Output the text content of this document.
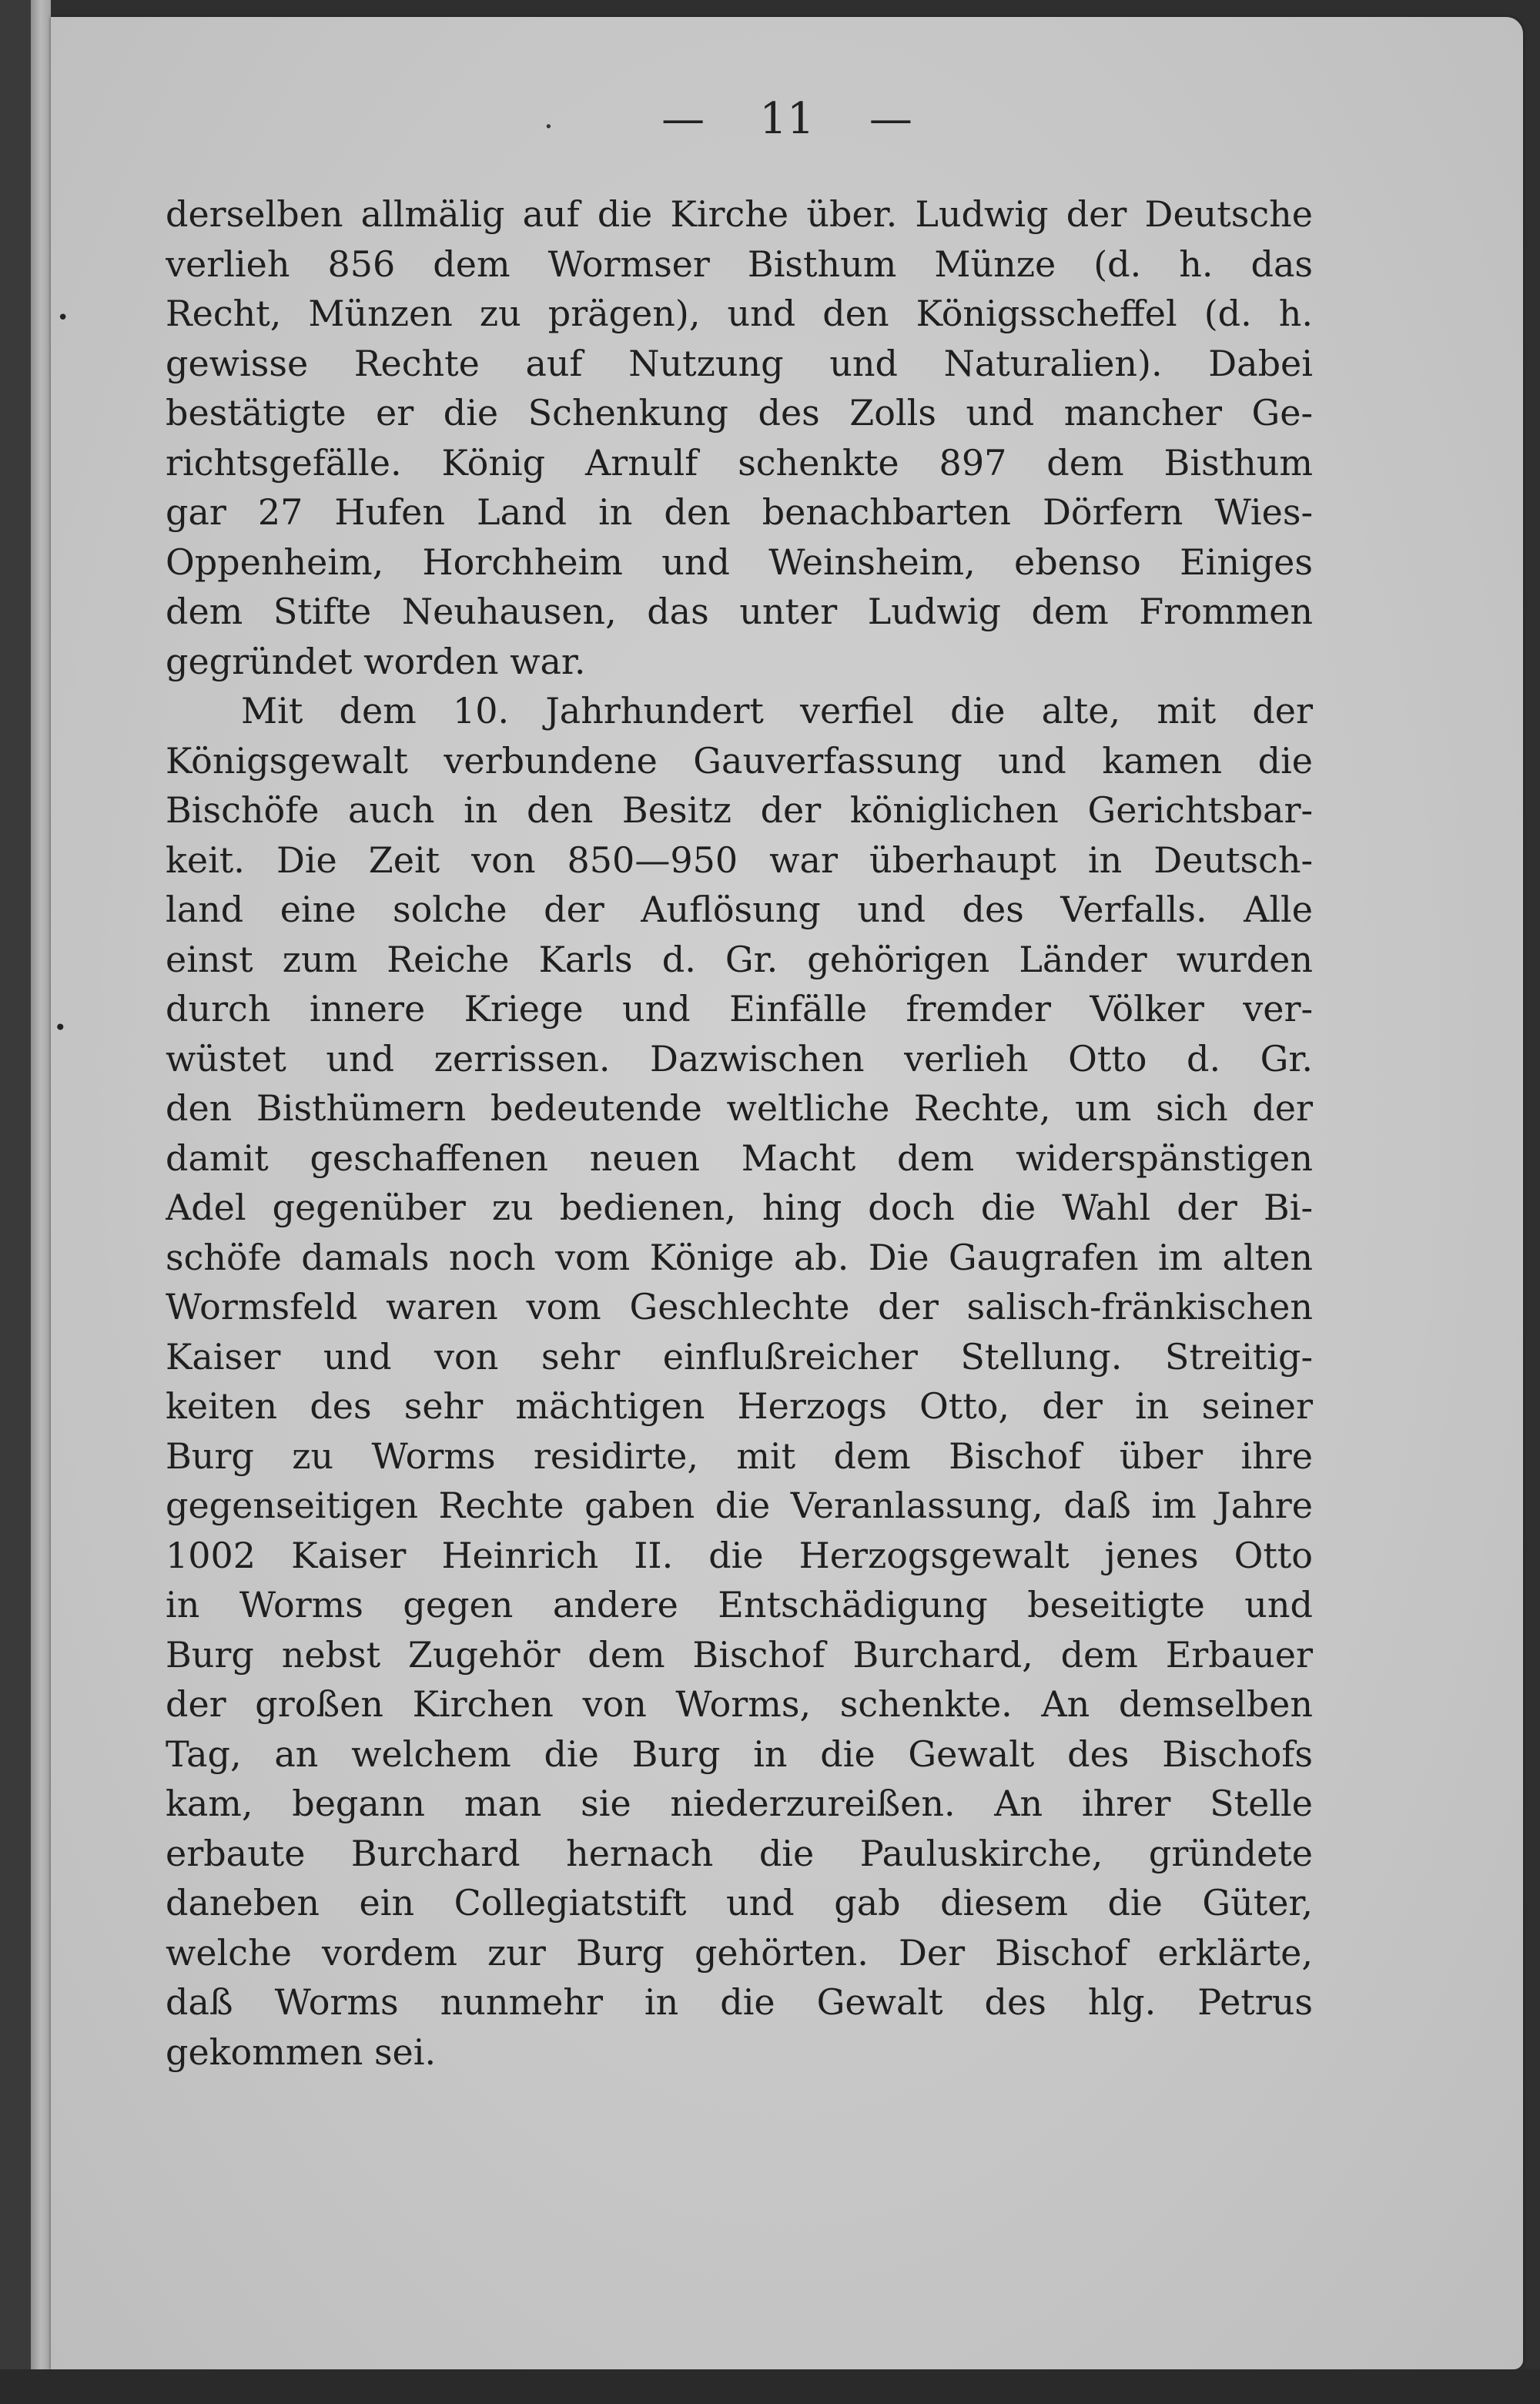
.	— 11 —
•
•
derselben allmälig auf die Kirche über. Ludwig der Deutsche
verlieh 856 dem Wormser Bisthum Münze (d. h. das
Recht, Münzen zu prägen), und den Königsscheffel (d. h.
gewisse Rechte auf Nutzung und Naturalien). Dabei
bestätigte er die Schenkung des Zolls und mancher Ge-
richtsgefälle. König Arnulf schenkte 897 dem Bisthum
gar 27 Hufen Land in den benachbarten Dörfern Wies-
Oppenheim, Horchheim und Weinsheim, ebenso Einiges
dem Stifte Neuhausen, das unter Ludwig dem Frommen
gegründet worden war.
Mit dem 10. Jahrhundert verfiel die alte, mit der
Königsgewalt verbundene Gauverfassung und kamen die
Bischöfe auch in den Besitz der königlichen Gerichtsbar-
keit. Die Zeit von 850—950 war überhaupt in Deutsch-
land eine solche der Auflösung und des Verfalls. Alle
einst zum Reiche Karls d. Gr. gehörigen Länder wurden
durch innere Kriege und Einfälle fremder Völker ver-
wüstet und zerrissen. Dazwischen verlieh Otto d. Gr.
den Bisthümern bedeutende weltliche Rechte, um sich der
damit geschaffenen neuen Macht dem widerspänstigen
Adel gegenüber zu bedienen, hing doch die Wahl der Bi-
schöfe damals noch vom Könige ab. Die Gaugrafen im alten
Wormsfeld waren vom Geschlechte der salisch-fränkischen
Kaiser und von sehr einflußreicher Stellung. Streitig-
keiten des sehr mächtigen Herzogs Otto, der in seiner
Burg zu Worms residirte, mit dem Bischof über ihre
gegenseitigen Rechte gaben die Veranlassung, daß im Jahre
1002 Kaiser Heinrich II. die Herzogsgewalt jenes Otto
in Worms gegen andere Entschädigung beseitigte und
Burg nebst Zugehör dem Bischof Burchard, dem Erbauer
der großen Kirchen von Worms, schenkte. An demselben
Tag, an welchem die Burg in die Gewalt des Bischofs
kam, begann man sie niederzureißen. An ihrer Stelle
erbaute Burchard hernach die Pauluskirche, gründete
daneben ein Collegiatstift und gab diesem die Güter,
welche vordem zur Burg gehörten. Der Bischof erklärte,
daß Worms nunmehr in die Gewalt des hlg. Petrus
gekommen sei.
